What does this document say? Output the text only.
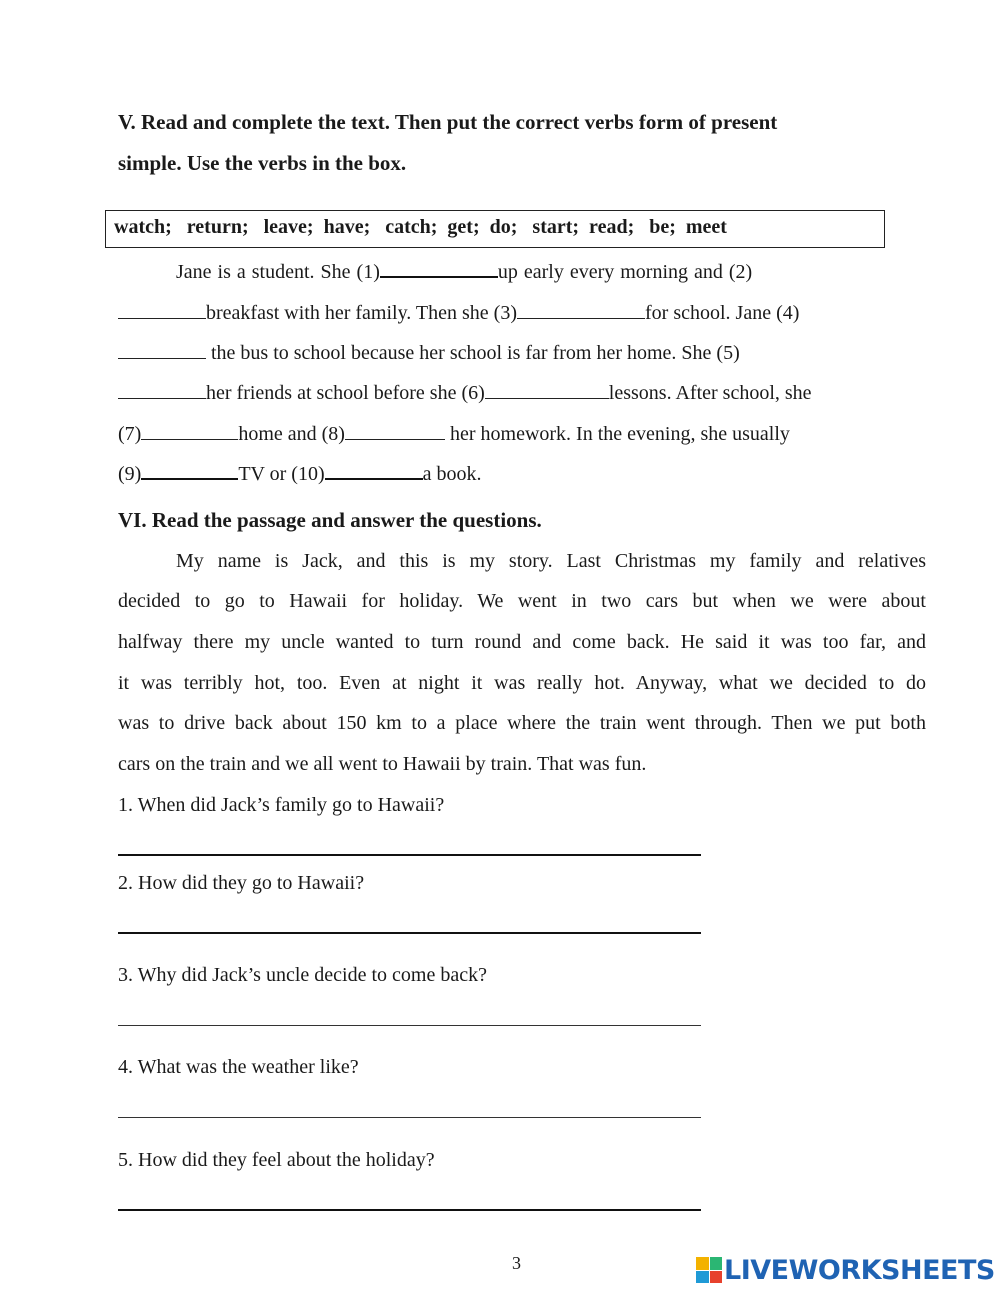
V. Read and complete the text. Then put the correct verbs form of present
simple. Use the verbs in the box.
watch;   return;   leave;  have;   catch;  get;  do;   start;  read;   be;  meet
Jane is a student. She (1)	up early every morning and (2)
breakfast with her family. Then she (3)	for school. Jane (4)
the bus to school because her school is far from her home. She (5)
her friends at school before she (6)	lessons. After school, she
(7)	home and (8)	her homework. In the evening, she usually
(9)	TV or (10)	a book.
VI. Read the passage and answer the questions.
My name is Jack, and this is my story. Last Christmas my family and relatives
decided to go to Hawaii for holiday. We went in two cars but when we were about
halfway there my uncle wanted to turn round and come back. He said it was too far, and
it was terribly hot, too. Even at night it was really hot. Anyway, what we decided to do
was to drive back about 150 km to a place where the train went through. Then we put both
cars on the train and we all went to Hawaii by train. That was fun.
1. When did Jack’s family go to Hawaii?
2. How did they go to Hawaii?
3. Why did Jack’s uncle decide to come back?
4. What was the weather like?
5. How did they feel about the holiday?
3	LIVEWORKSHEETS
